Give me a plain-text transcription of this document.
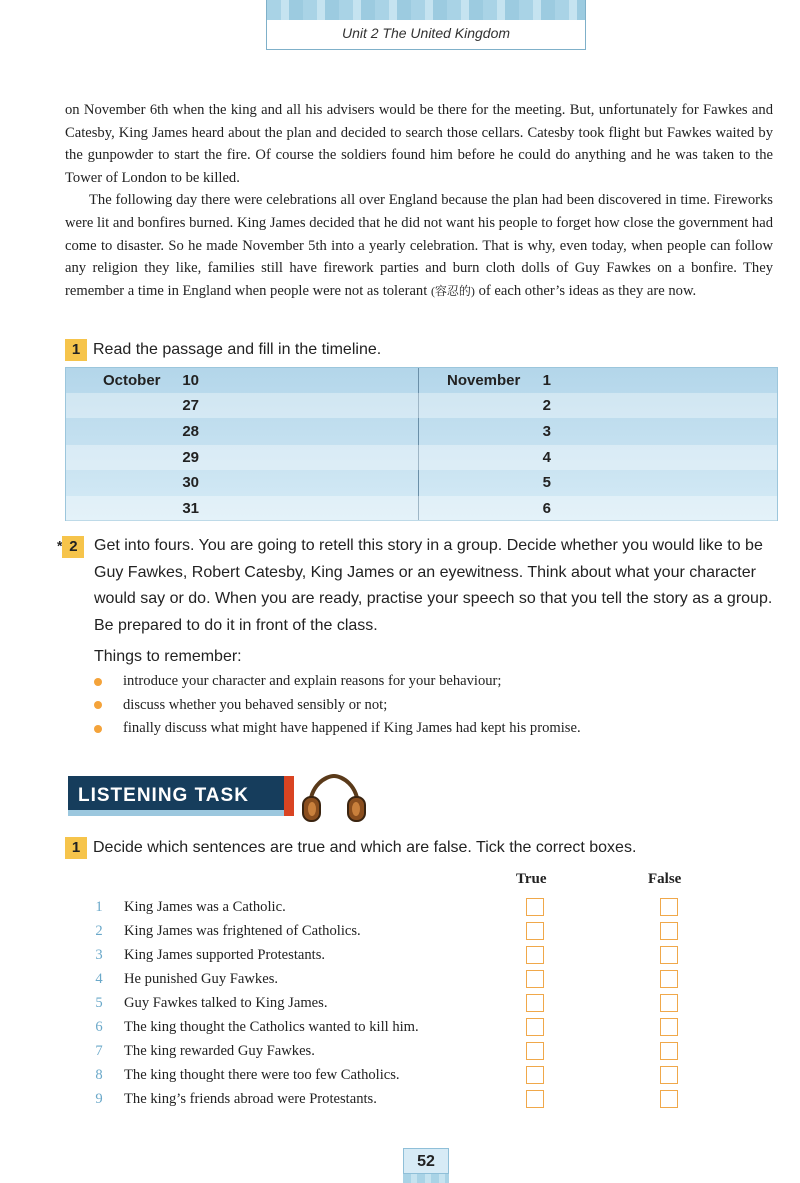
Unit 2 The United Kingdom

on November 6th when the king and all his advisers would be there for the meeting. But, unfortunately for Fawkes and Catesby, King James heard about the plan and decided to search those cellars. Catesby took flight but Fawkes waited by the gunpowder to start the fire. Of course the soldiers found him before he could do anything and he was taken to the Tower of London to be killed.

The following day there were celebrations all over England because the plan had been discovered in time. Fireworks were lit and bonfires burned. King James decided that he did not want his people to forget how close the government had come to disaster. So he made November 5th into a yearly celebration. That is why, even today, when people can follow any religion they like, families still have firework parties and burn cloth dolls of Guy Fawkes on a bonfire. They remember a time in England when people were not as tolerant (容忍的) of each other’s ideas as they are now.

1 Read the passage and fill in the timeline.
October 10	November 1
27	2
28	3
29	4
30	5
31	6
* 2	Get into fours. You are going to retell this story in a group. Decide whether you would like to be Guy Fawkes, Robert Catesby, King James or an eyewitness. Think about what your character would say or do. When you are ready, practise your speech so that you tell the story as a group. Be prepared to do it in front of the class.
Things to remember:
introduce your character and explain reasons for your behaviour;
discuss whether you behaved sensibly or not;
finally discuss what might have happened if King James had kept his promise.
LISTENING TASK
1 Decide which sentences are true and which are false. Tick the correct boxes.
True	False
1 King James was a Catholic.
2 King James was frightened of Catholics.
3 King James supported Protestants.
4 He punished Guy Fawkes.
5 Guy Fawkes talked to King James.
6 The king thought the Catholics wanted to kill him.
7 The king rewarded Guy Fawkes.
8 The king thought there were too few Catholics.
9 The king’s friends abroad were Protestants.
52
